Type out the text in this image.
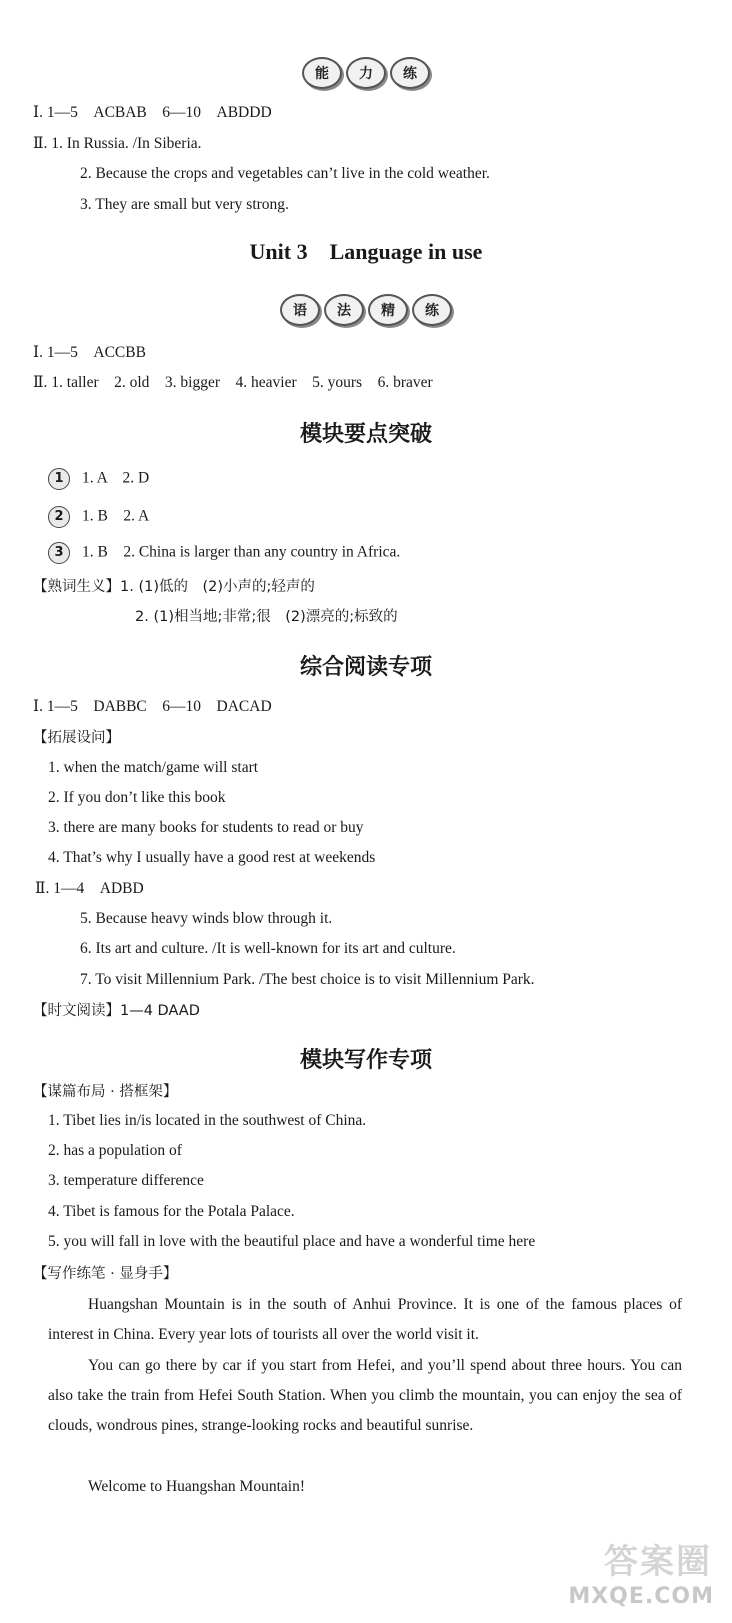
能	力	练
Ⅰ. 1—5　ACBAB　6—10　ABDDD
Ⅱ. 1. In Russia. /In Siberia.
2. Because the crops and vegetables can’t live in the cold weather.
3. They are small but very strong.
Unit 3　Language in use
语	法	精	练
Ⅰ. 1—5　ACCBB
Ⅱ. 1. taller　2. old　3. bigger　4. heavier　5. yours　6. braver
模块要点突破
1 1. A　2. D
2 1. B　2. A
3 1. B　2. China is larger than any country in Africa.
【熟词生义】1. (1)低的　(2)小声的;轻声的
2. (1)相当地;非常;很　(2)漂亮的;标致的
综合阅读专项
Ⅰ. 1—5　DABBC　6—10　DACAD
【拓展设问】
1. when the match/game will start
2. If you don’t like this book
3. there are many books for students to read or buy
4. That’s why I usually have a good rest at weekends
Ⅱ. 1—4　ADBD
5. Because heavy winds blow through it.
6. Its art and culture. /It is well-known for its art and culture.
7. To visit Millennium Park. /The best choice is to visit Millennium Park.
【时文阅读】1—4 DAAD
模块写作专项
【谋篇布局 · 搭框架】
1. Tibet lies in/is located in the southwest of China.
2. has a population of
3. temperature difference
4. Tibet is famous for the Potala Palace.
5. you will fall in love with the beautiful place and have a wonderful time here
【写作练笔 · 显身手】
Huangshan Mountain is in the south of Anhui Province. It is one of the famous places of interest in China. Every year lots of tourists all over the world visit it.
You can go there by car if you start from Hefei, and you’ll spend about three hours. You can also take the train from Hefei South Station. When you climb the mountain, you can enjoy the sea of clouds, wondrous pines, strange-looking rocks and beautiful sunrise.
Welcome to Huangshan Mountain!
答案圈
MXQE.COM
